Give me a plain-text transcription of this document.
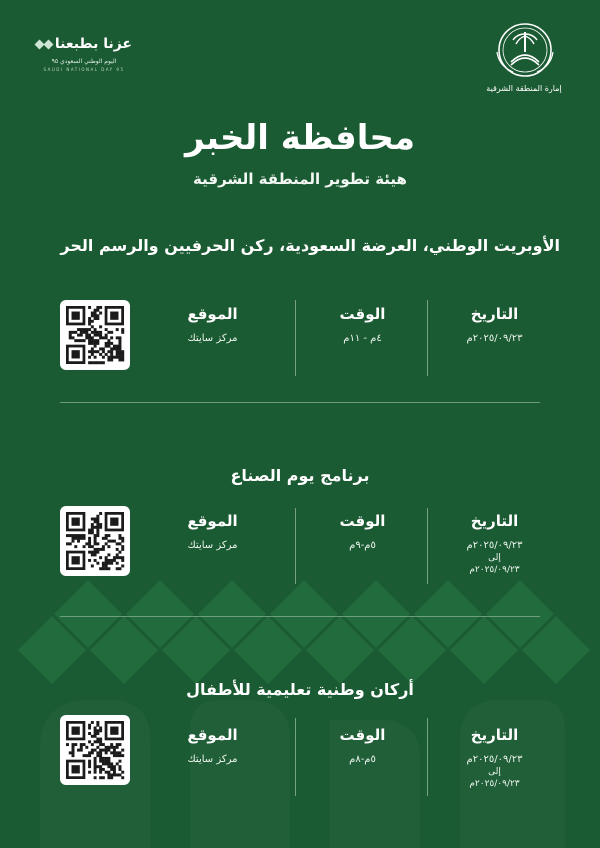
عزنا بطبعنا
اليوم الوطني السعودي ٩٥
SAUDI NATIONAL DAY 95
إمارة المنطقة الشرقية
محافظة الخبر
هيئة تطوير المنطقة الشرقية
الأوبريت الوطني، العرضة السعودية، ركن الحرفيين والرسم الحر
الموقع
مركز سايتك
الوقت
٤م - ١١م
التاريخ
٢٠٢٥/٠٩/٢٣م
برنامج يوم الصناع
الموقع
مركز سايتك
الوقت
٥م-٩م
التاريخ
٢٠٢٥/٠٩/٢٣م
إلى
٢٠٢٥/٠٩/٢٣م
أركان وطنية تعليمية للأطفال
الموقع
مركز سايتك
الوقت
٥م-٨م
التاريخ
٢٠٢٥/٠٩/٢٣م
إلى
٢٠٢٥/٠٩/٢٣م
